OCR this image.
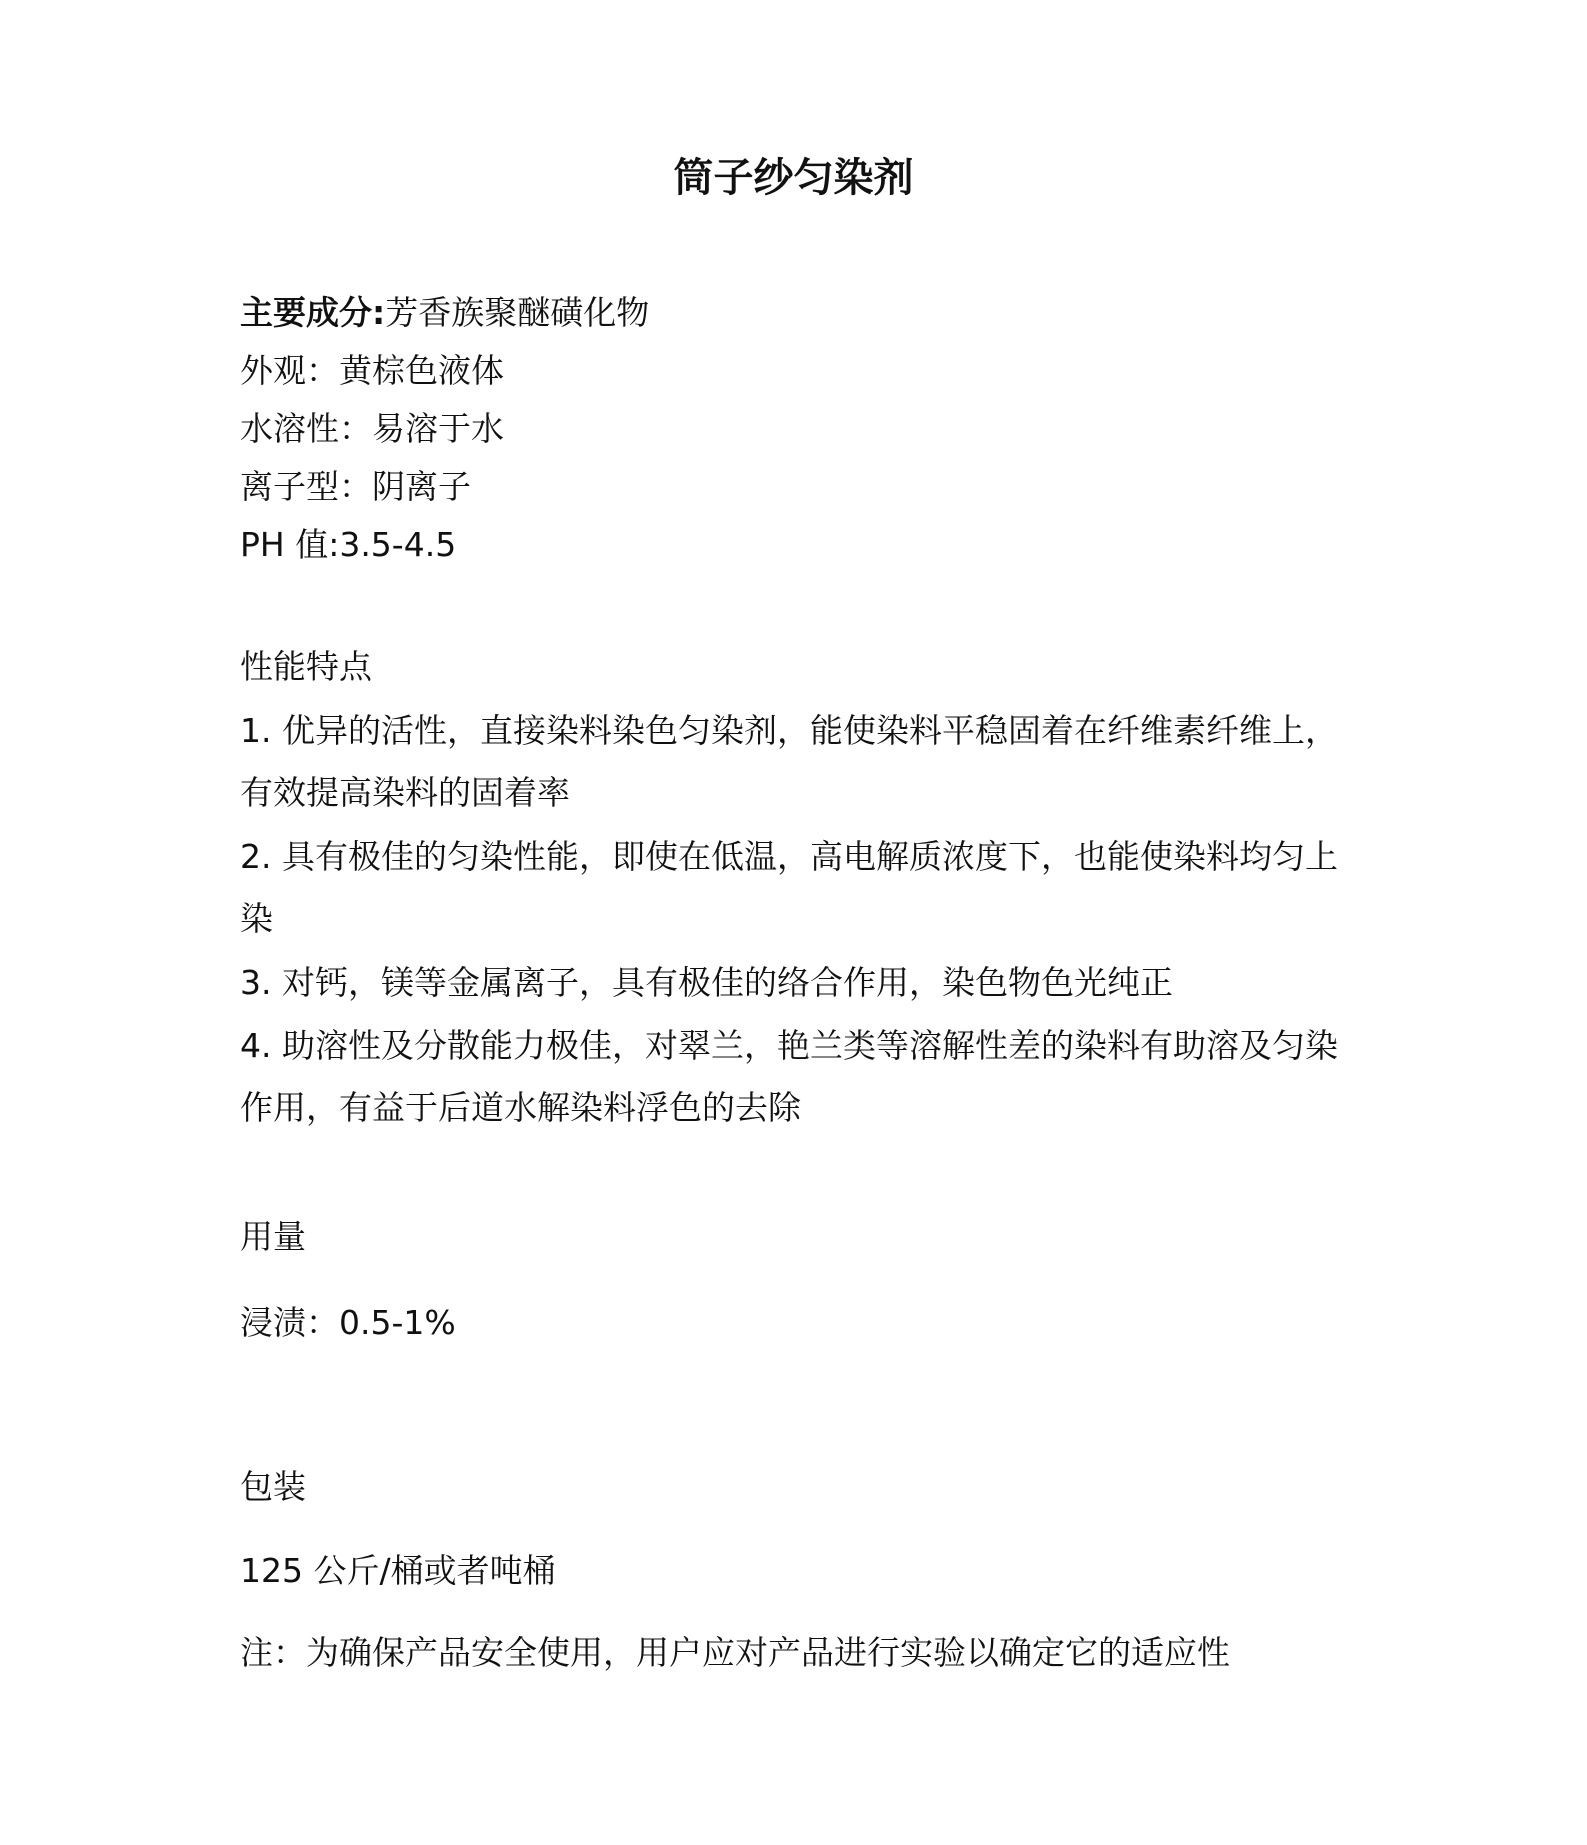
筒子纱匀染剂

主要成分:芳香族聚醚磺化物

外观：黄棕色液体

水溶性：易溶于水

离子型：阴离子

PH 值:3.5-4.5

性能特点

1. 优异的活性，直接染料染色匀染剂，能使染料平稳固着在纤维素纤维上，有效提高染料的固着率

2. 具有极佳的匀染性能，即使在低温，高电解质浓度下，也能使染料均匀上染

3. 对钙，镁等金属离子，具有极佳的络合作用，染色物色光纯正

4. 助溶性及分散能力极佳，对翠兰，艳兰类等溶解性差的染料有助溶及匀染作用，有益于后道水解染料浮色的去除

用量

浸渍：0.5-1%

包装

125 公斤/桶或者吨桶

注：为确保产品安全使用，用户应对产品进行实验以确定它的适应性
